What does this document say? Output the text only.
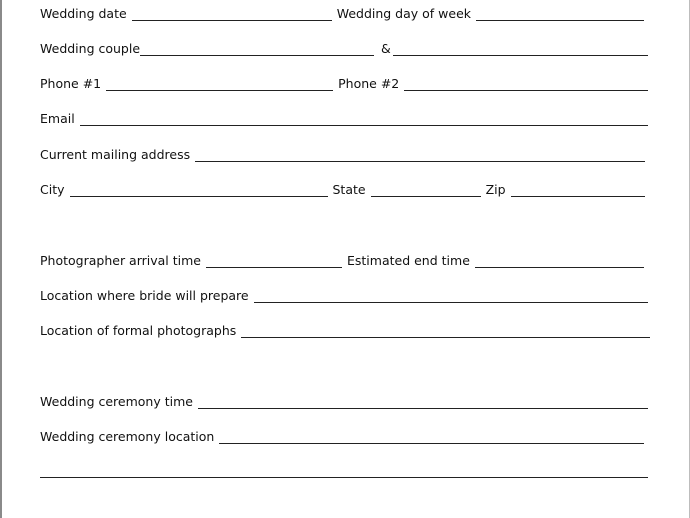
Wedding date	Wedding day of week
Wedding couple	&
Phone #1	Phone #2
Email
Current mailing address
City	State	Zip
Photographer arrival time	Estimated end time
Location where bride will prepare
Location of formal photographs
Wedding ceremony time
Wedding ceremony location
